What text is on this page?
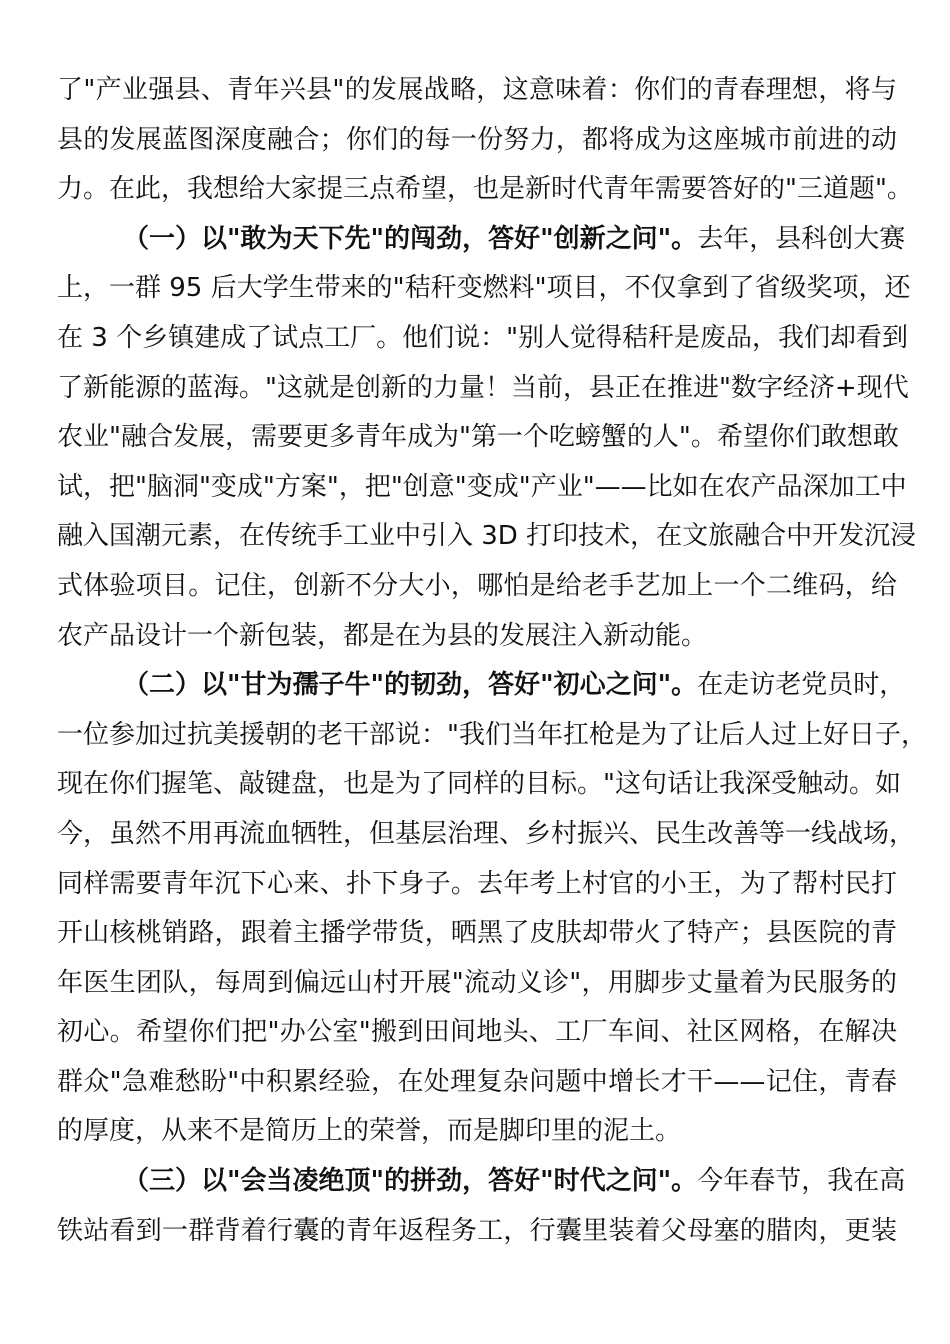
了"产业强县、青年兴县"的发展战略，这意味着：你们的青春理想，将与
县的发展蓝图深度融合；你们的每一份努力，都将成为这座城市前进的动
力。在此，我想给大家提三点希望，也是新时代青年需要答好的"三道题"。
（一）以"敢为天下先"的闯劲，答好"创新之问"。去年，县科创大赛
上，一群 95 后大学生带来的"秸秆变燃料"项目，不仅拿到了省级奖项，还
在 3 个乡镇建成了试点工厂。他们说："别人觉得秸秆是废品，我们却看到
了新能源的蓝海。"这就是创新的力量！当前，县正在推进"数字经济+现代
农业"融合发展，需要更多青年成为"第一个吃螃蟹的人"。希望你们敢想敢
试，把"脑洞"变成"方案"，把"创意"变成"产业"——比如在农产品深加工中
融入国潮元素，在传统手工业中引入 3D 打印技术，在文旅融合中开发沉浸
式体验项目。记住，创新不分大小，哪怕是给老手艺加上一个二维码，给
农产品设计一个新包装，都是在为县的发展注入新动能。
（二）以"甘为孺子牛"的韧劲，答好"初心之问"。在走访老党员时，
一位参加过抗美援朝的老干部说："我们当年扛枪是为了让后人过上好日子，
现在你们握笔、敲键盘，也是为了同样的目标。"这句话让我深受触动。如
今，虽然不用再流血牺牲，但基层治理、乡村振兴、民生改善等一线战场，
同样需要青年沉下心来、扑下身子。去年考上村官的小王，为了帮村民打
开山核桃销路，跟着主播学带货，晒黑了皮肤却带火了特产；县医院的青
年医生团队，每周到偏远山村开展"流动义诊"，用脚步丈量着为民服务的
初心。希望你们把"办公室"搬到田间地头、工厂车间、社区网格，在解决
群众"急难愁盼"中积累经验，在处理复杂问题中增长才干——记住，青春
的厚度，从来不是简历上的荣誉，而是脚印里的泥土。
（三）以"会当凌绝顶"的拼劲，答好"时代之问"。今年春节，我在高
铁站看到一群背着行囊的青年返程务工，行囊里装着父母塞的腊肉，更装
